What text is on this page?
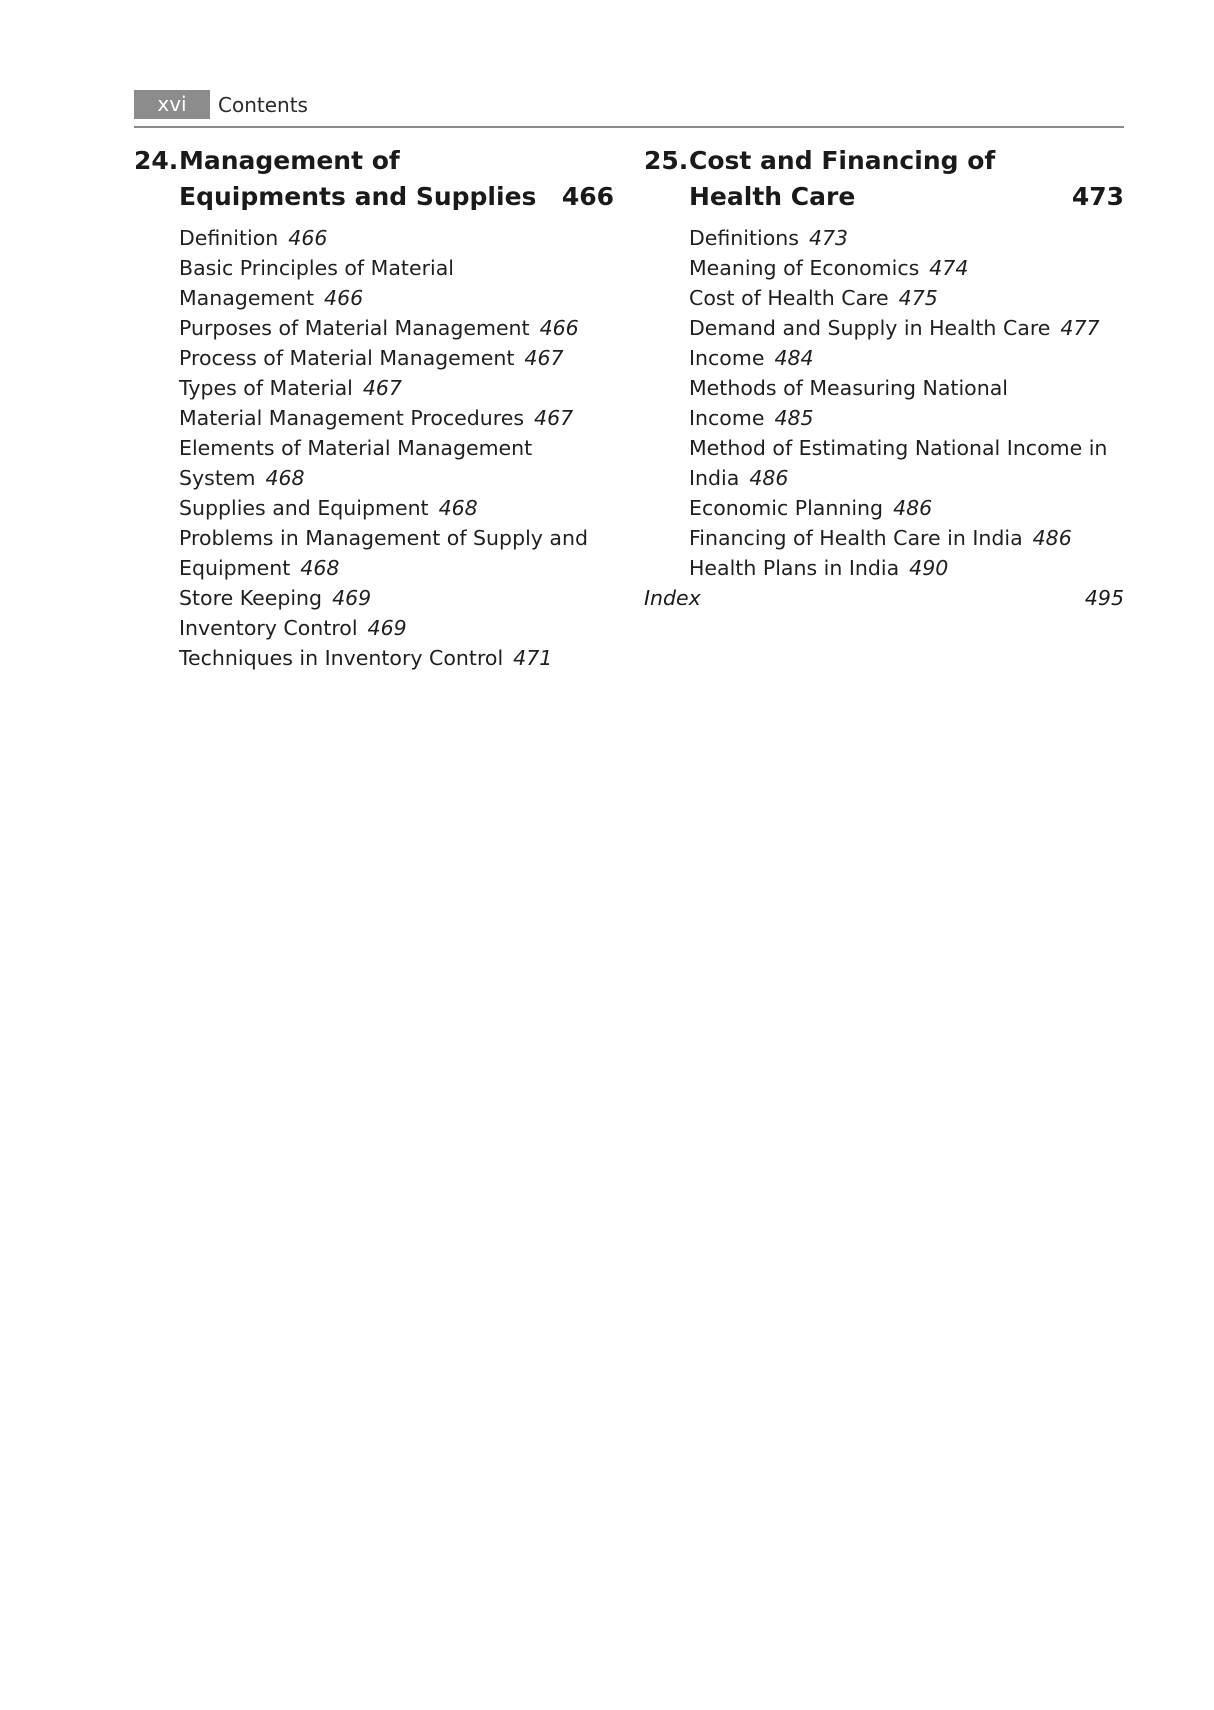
xvi	Contents
24. Management of Equipments and Supplies	466
Definition 466
Basic Principles of Material Management 466
Purposes of Material Management 466
Process of Material Management 467
Types of Material 467
Material Management Procedures 467
Elements of Material Management System 468
Supplies and Equipment 468
Problems in Management of Supply and Equipment 468
Store Keeping 469
Inventory Control 469
Techniques in Inventory Control 471
25. Cost and Financing of Health Care	473
Definitions 473
Meaning of Economics 474
Cost of Health Care 475
Demand and Supply in Health Care 477
Income 484
Methods of Measuring National Income 485
Method of Estimating National Income in India 486
Economic Planning 486
Financing of Health Care in India 486
Health Plans in India 490
Index	495
